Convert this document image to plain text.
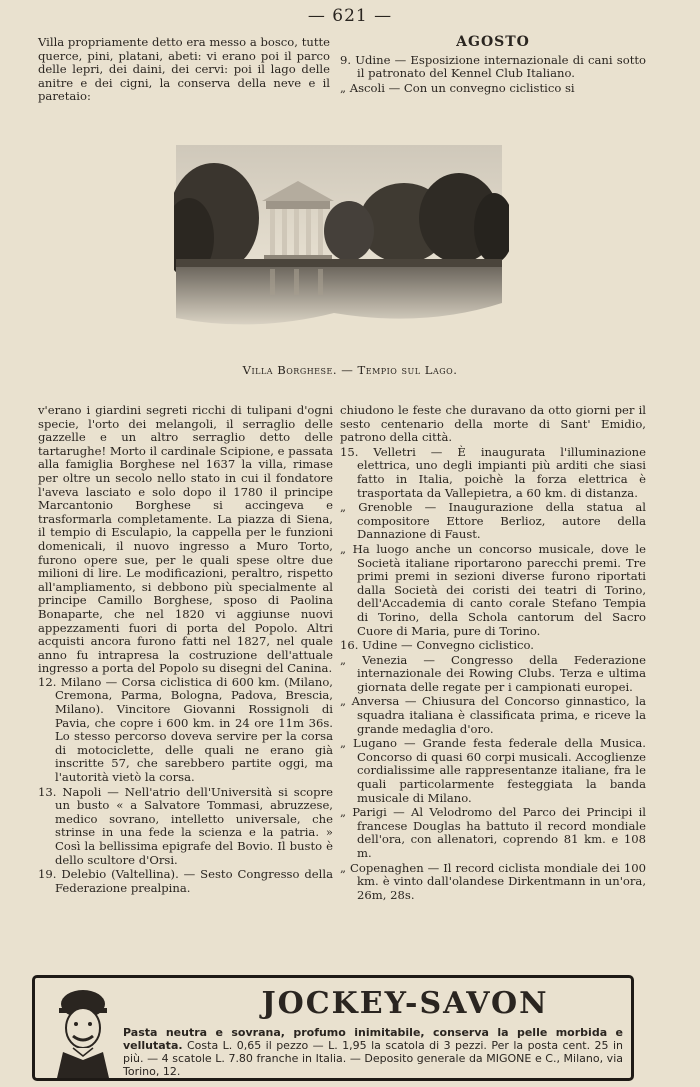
— 621 —
Villa propriamente detto era messo a bosco, tutte querce, pini, platani, abeti: vi erano poi il parco delle lepri, dei daini, dei cervi: poi il lago delle anitre e dei cigni, la conserva della neve e il paretaio:
AGOSTO
9. Udine — Esposizione internazionale di cani sotto il patronato del Kennel Club Italiano.
„ Ascoli — Con un convegno ciclistico si
Villa Borghese. — Tempio sul Lago.
v'erano i giardini segreti ricchi di tulipani d'ogni specie, l'orto dei melangoli, il serraglio delle gazzelle e un altro serraglio detto delle tartarughe! Morto il cardinale Scipione, e passata alla famiglia Borghese nel 1637 la villa, rimase per oltre un secolo nello stato in cui il fondatore l'aveva lasciato e solo dopo il 1780 il principe Marcantonio Borghese si accingeva e trasformarla completamente. La piazza di Siena, il tempio di Esculapio, la cappella per le funzioni domenicali, il nuovo ingresso a Muro Torto, furono opere sue, per le quali spese oltre due milioni di lire. Le modificazioni, peraltro, rispetto all'ampliamento, si debbono più specialmente al principe Camillo Borghese, sposo di Paolina Bonaparte, che nel 1820 vi aggiunse nuovi appezzamenti fuori di porta del Popolo. Altri acquisti ancora furono fatti nel 1827, nel quale anno fu intrapresa la costruzione dell'attuale ingresso a porta del Popolo su disegni del Canina.
12. Milano — Corsa ciclistica di 600 km. (Milano, Cremona, Parma, Bologna, Padova, Brescia, Milano). Vincitore Giovanni Rossignoli di Pavia, che copre i 600 km. in 24 ore 11m 36s. Lo stesso percorso doveva servire per la corsa di motociclette, delle quali ne erano già inscritte 57, che sarebbero partite oggi, ma l'autorità vietò la corsa.
13. Napoli — Nell'atrio dell'Università si scopre un busto « a Salvatore Tommasi, abruzzese, medico sovrano, intelletto universale, che strinse in una fede la scienza e la patria. » Così la bellissima epigrafe del Bovio. Il busto è dello scultore d'Orsi.
19. Delebio (Valtellina). — Sesto Congresso della Federazione prealpina.
chiudono le feste che duravano da otto giorni per il sesto centenario della morte di Sant' Emidio, patrono della città.
15. Velletri — È inaugurata l'illuminazione elettrica, uno degli impianti più arditi che siasi fatto in Italia, poichè la forza elettrica è trasportata da Vallepietra, a 60 km. di distanza.
„ Grenoble — Inaugurazione della statua al compositore Ettore Berlioz, autore della Dannazione di Faust.
„ Ha luogo anche un concorso musicale, dove le Società italiane riportarono parecchi premi. Tre primi premi in sezioni diverse furono riportati dalla Società dei coristi dei teatri di Torino, dell'Accademia di canto corale Stefano Tempia di Torino, della Schola cantorum del Sacro Cuore di Maria, pure di Torino.
16. Udine — Convegno ciclistico.
„ Venezia — Congresso della Federazione internazionale dei Rowing Clubs. Terza e ultima giornata delle regate per i campionati europei.
„ Anversa — Chiusura del Concorso ginnastico, la squadra italiana è classificata prima, e riceve la grande medaglia d'oro.
„ Lugano — Grande festa federale della Musica. Concorso di quasi 60 corpi musicali. Accoglienze cordialissime alle rappresentanze italiane, fra le quali particolarmente festeggiata la banda musicale di Milano.
„ Parigi — Al Velodromo del Parco dei Principi il francese Douglas ha battuto il record mondiale dell'ora, con allenatori, coprendo 81 km. e 108 m.
„ Copenaghen — Il record ciclista mondiale dei 100 km. è vinto dall'olandese Dirkentmann in un'ora, 26m, 28s.
JOCKEY-SAVON
Pasta neutra e sovrana, profumo inimitabile, conserva la pelle morbida e vellutata. Costa L. 0,65 il pezzo — L. 1,95 la scatola di 3 pezzi. Per la posta cent. 25 in più. — 4 scatole L. 7.80 franche in Italia. — Deposito generale da MIGONE e C., Milano, via Torino, 12.
